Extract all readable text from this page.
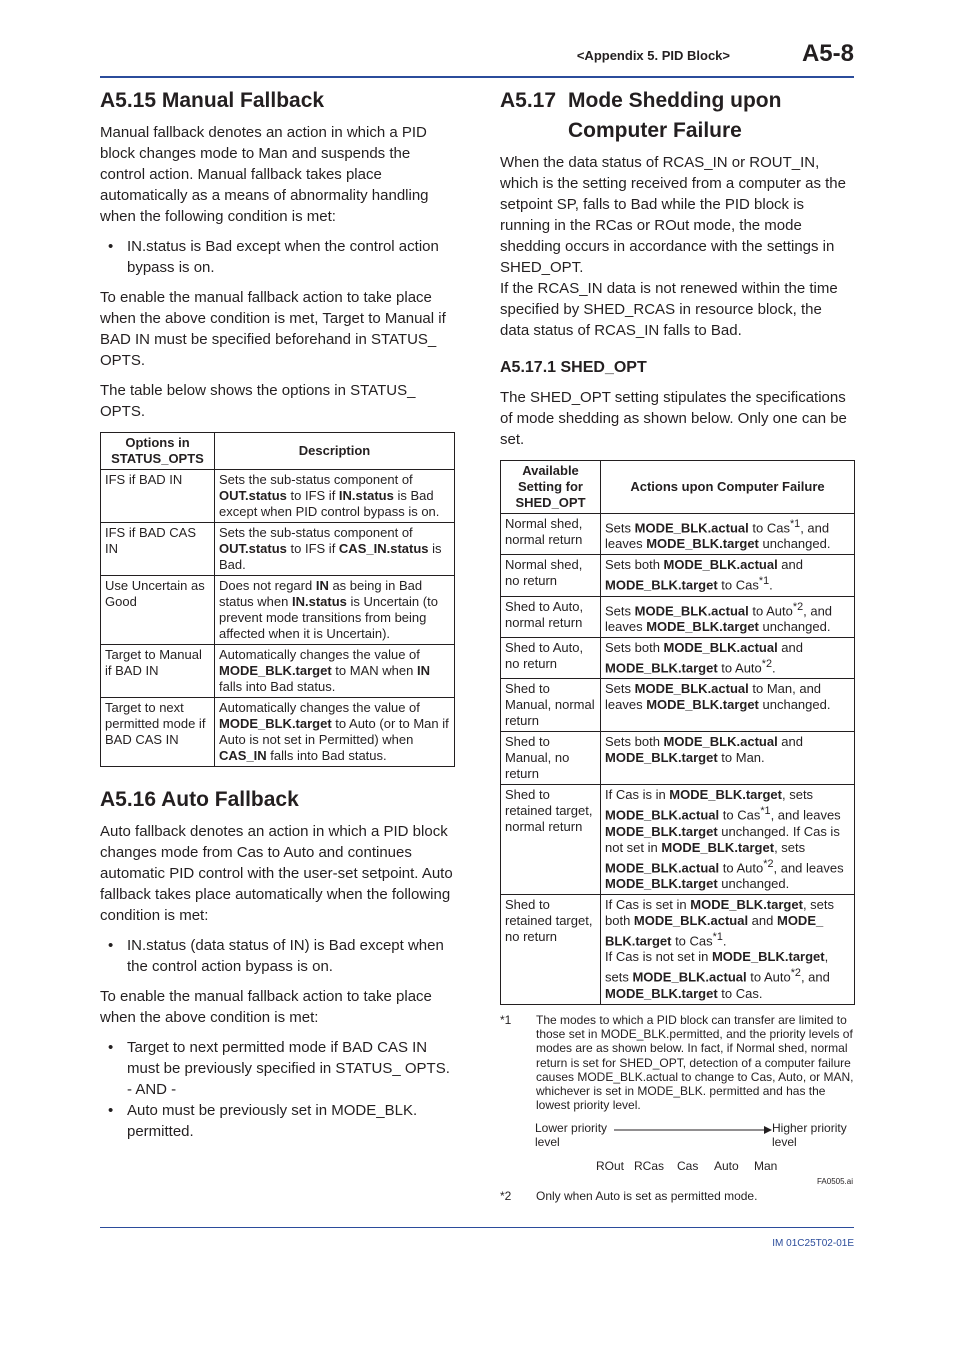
<Appendix 5. PID Block>	A5-8
A5.15 Manual Fallback

Manual fallback denotes an action in which a PID block changes mode to Man and suspends the control action. Manual fallback takes place automatically as a means of abnormality handling when the following condition is met:

• IN.status is Bad except when the control action bypass is on.

To enable the manual fallback action to take place when the above condition is met, Target to Manual if BAD IN must be specified beforehand in STATUS_ OPTS.

The table below shows the options in STATUS_ OPTS.

Options in STATUS_OPTS	Description
IFS if BAD IN	Sets the sub-status component of OUT.status to IFS if IN.status is Bad except when PID control bypass is on.
IFS if BAD CAS IN	Sets the sub-status component of OUT.status to IFS if CAS_IN.status is Bad.
Use Uncertain as Good	Does not regard IN as being in Bad status when IN.status is Uncertain (to prevent mode transitions from being affected when it is Uncertain).
Target to Manual if BAD IN	Automatically changes the value of MODE_BLK.target to MAN when IN falls into Bad status.
Target to next permitted mode if BAD CAS IN	Automatically changes the value of MODE_BLK.target to Auto (or to Man if Auto is not set in Permitted) when CAS_IN falls into Bad status.
A5.16 Auto Fallback

Auto fallback denotes an action in which a PID block changes mode from Cas to Auto and continues automatic PID control with the user-set setpoint. Auto fallback takes place automatically when the following condition is met:

• IN.status (data status of IN) is Bad except when the control action bypass is on.

To enable the manual fallback action to take place when the above condition is met:

• Target to next permitted mode if BAD CAS IN must be previously specified in STATUS_ OPTS.
- AND -
• Auto must be previously set in MODE_BLK. permitted.
A5.17 Mode Shedding upon Computer Failure

When the data status of RCAS_IN or ROUT_IN, which is the setting received from a computer as the setpoint SP, falls to Bad while the PID block is running in the RCas or ROut mode, the mode shedding occurs in accordance with the settings in SHED_OPT.

If the RCAS_IN data is not renewed within the time specified by SHED_RCAS in resource block, the data status of RCAS_IN falls to Bad.

A5.17.1 SHED_OPT

The SHED_OPT setting stipulates the specifications of mode shedding as shown below. Only one can be set.

Available Setting for SHED_OPT	Actions upon Computer Failure
Normal shed, normal return	Sets MODE_BLK.actual to Cas$^{*1}$, and leaves MODE_BLK.target unchanged.
Normal shed, no return	Sets both MODE_BLK.actual and MODE_BLK.target to Cas$^{*1}$.
Shed to Auto, normal return	Sets MODE_BLK.actual to Auto$^{*2}$, and leaves MODE_BLK.target unchanged.
Shed to Auto, no return	Sets both MODE_BLK.actual and MODE_BLK.target to Auto$^{*2}$.
Shed to Manual, normal return	Sets MODE_BLK.actual to Man, and leaves MODE_BLK.target unchanged.
Shed to Manual, no return	Sets both MODE_BLK.actual and MODE_BLK.target to Man.
Shed to retained target, normal return	If Cas is in MODE_BLK.target, sets MODE_BLK.actual to Cas$^{*1}$, and leaves MODE_BLK.target unchanged. If Cas is not set in MODE_BLK.target, sets MODE_BLK.actual to Auto$^{*2}$, and leaves MODE_BLK.target unchanged.
Shed to retained target, no return	If Cas is set in MODE_BLK.target, sets both MODE_BLK.actual and MODE_ BLK.target to Cas$^{*1}$.
If Cas is not set in MODE_BLK.target, sets MODE_BLK.actual to Auto$^{*2}$, and MODE_BLK.target to Cas.
*1 The modes to which a PID block can transfer are limited to those set in MODE_BLK.permitted, and the priority levels of modes are as shown below. In fact, if Normal shed, normal return is set for SHED_OPT, detection of a computer failure causes MODE_BLK.actual to change to Cas, Auto, or MAN, whichever is set in MODE_BLK. permitted and has the lowest priority level.
Lower priority level
Higher priority level
ROut RCas Cas Auto Man
FA0505.ai
*2 Only when Auto is set as permitted mode.
IM 01C25T02-01E
